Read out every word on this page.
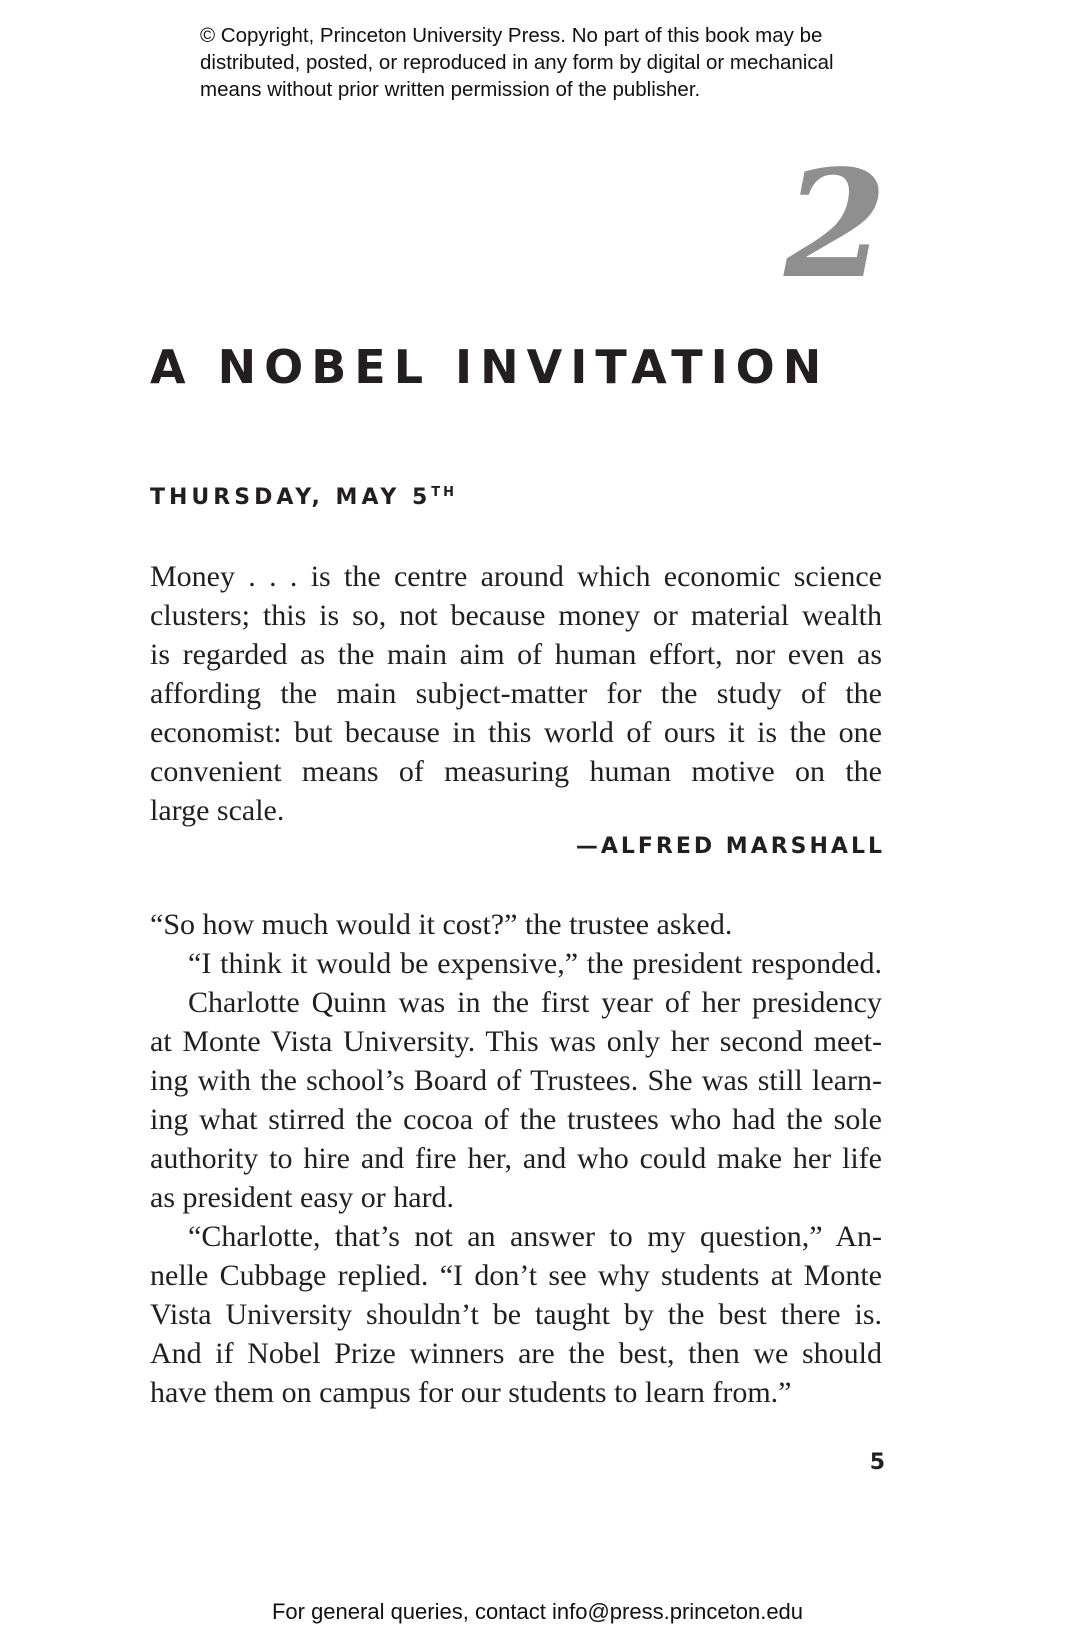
© Copyright, Princeton University Press. No part of this book may be
distributed, posted, or reproduced in any form by digital or mechanical
means without prior written permission of the publisher.
2
A NOBEL INVITATION
THURSDAY, MAY 5TH
Money . . . is the centre around which economic science
clusters; this is so, not because money or material wealth
is regarded as the main aim of human effort, nor even as
affording the main subject-matter for the study of the
economist: but because in this world of ours it is the one
convenient means of measuring human motive on the
large scale.
—ALFRED MARSHALL
“So how much would it cost?” the trustee asked.
“I think it would be expensive,” the president responded.
Charlotte Quinn was in the first year of her presidency
at Monte Vista University. This was only her second meet-
ing with the school’s Board of Trustees. She was still learn-
ing what stirred the cocoa of the trustees who had the sole
authority to hire and fire her, and who could make her life
as president easy or hard.
“Charlotte, that’s not an answer to my question,” An-
nelle Cubbage replied. “I don’t see why students at Monte
Vista University shouldn’t be taught by the best there is.
And if Nobel Prize winners are the best, then we should
have them on campus for our students to learn from.”
5
For general queries, contact info@press.princeton.edu
